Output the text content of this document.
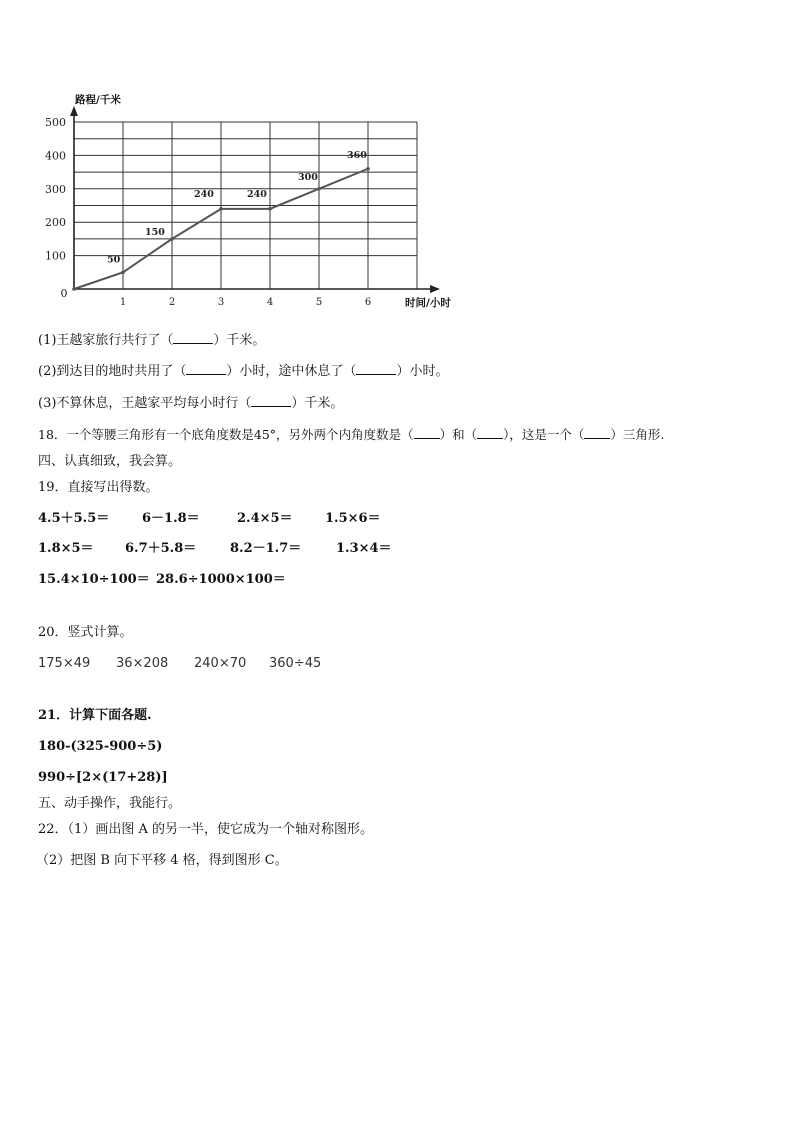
1	2	3	4	5	6
100
200
300
400
500
0
路程/千米
时间/小时
50
150
240	240
300
360
(1)王越家旅行共行了（	）千米。
(2)到达目的地时共用了（	）小时，途中休息了（	）小时。
(3)不算休息，王越家平均每小时行（	）千米。
18．一个等腰三角形有一个底角度数是45°，另外两个内角度数是（ ）和（ ），这是一个（ ）三角形.
四、认真细致，我会算。
19．直接写出得数。
4.5＋5.5＝	6－1.8＝	2.4×5＝ 1.5×6＝
1.8×5＝ 6.7＋5.8＝	8.2－1.7＝	1.3×4＝
15.4×10÷100＝ 28.6÷1000×100＝
20．竖式计算。
175×49 36×208 240×70 360÷45
21．计算下面各题.
180-(325-900÷5)
990÷[2×(17+28)]
五、动手操作，我能行。
22．（1）画出图 A 的另一半，使它成为一个轴对称图形。
（2）把图 B 向下平移 4 格，得到图形 C。
